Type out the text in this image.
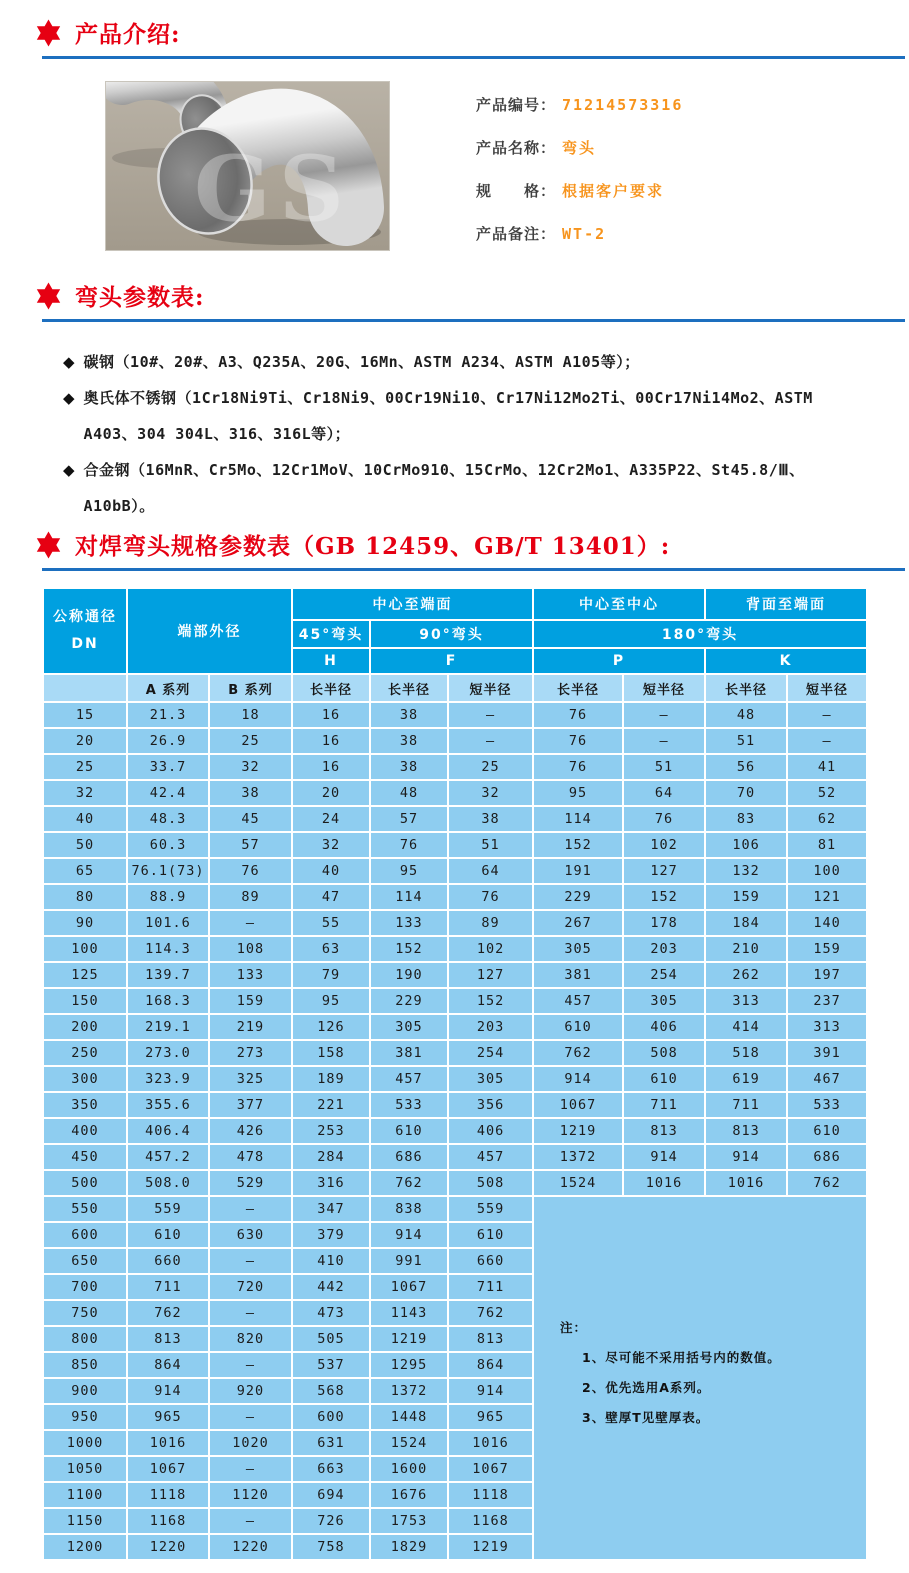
产品介绍:
GS
产品编号： 71214573316
产品名称： 弯头
规　　格： 根据客户要求
产品备注： WT-2
弯头参数表:
◆ 碳钢（10#、20#、A3、Q235A、20G、16Mn、ASTM A234、ASTM A105等）；
◆ 奥氏体不锈钢（1Cr18Ni9Ti、Cr18Ni9、00Cr19Ni10、Cr17Ni12Mo2Ti、00Cr17Ni14Mo2、ASTM A403、304 304L、316、316L等）；
◆ 合金钢（16MnR、Cr5Mo、12Cr1MoV、10CrMo910、15CrMo、12Cr2Mo1、A335P22、St45.8/Ⅲ、A10bB）。
对焊弯头规格参数表（GB 12459、GB/T 13401）:
公称通径
DN	端部外径		中心至端面			中心至中心		背面至端面	
			45°弯头	90°弯头		180°弯头			
			H	F		P		K	
	A 系列	B 系列	长半径	长半径	短半径	长半径	短半径	长半径	短半径
15	21.3	18	16	38	—	76	—	48	—
20	26.9	25	16	38	—	76	—	51	—
25	33.7	32	16	38	25	76	51	56	41
32	42.4	38	20	48	32	95	64	70	52
40	48.3	45	24	57	38	114	76	83	62
50	60.3	57	32	76	51	152	102	106	81
65	76.1(73)	76	40	95	64	191	127	132	100
80	88.9	89	47	114	76	229	152	159	121
90	101.6	—	55	133	89	267	178	184	140
100	114.3	108	63	152	102	305	203	210	159
125	139.7	133	79	190	127	381	254	262	197
150	168.3	159	95	229	152	457	305	313	237
200	219.1	219	126	305	203	610	406	414	313
250	273.0	273	158	381	254	762	508	518	391
300	323.9	325	189	457	305	914	610	619	467
350	355.6	377	221	533	356	1067	711	711	533
400	406.4	426	253	610	406	1219	813	813	610
450	457.2	478	284	686	457	1372	914	914	686
500	508.0	529	316	762	508	1524	1016	1016	762
550	559	—	347	838	559	注：
1、尽可能不采用括号内的数值。
2、优先选用A系列。
3、壁厚T见壁厚表。			

600	610	630	379	914	610				
650	660	—	410	991	660				
700	711	720	442	1067	711				
750	762	—	473	1143	762				
800	813	820	505	1219	813				
850	864	—	537	1295	864				
900	914	920	568	1372	914				
950	965	—	600	1448	965				
1000	1016	1020	631	1524	1016				
1050	1067	—	663	1600	1067				
1100	1118	1120	694	1676	1118				
1150	1168	—	726	1753	1168				
1200	1220	1220	758	1829	1219				
